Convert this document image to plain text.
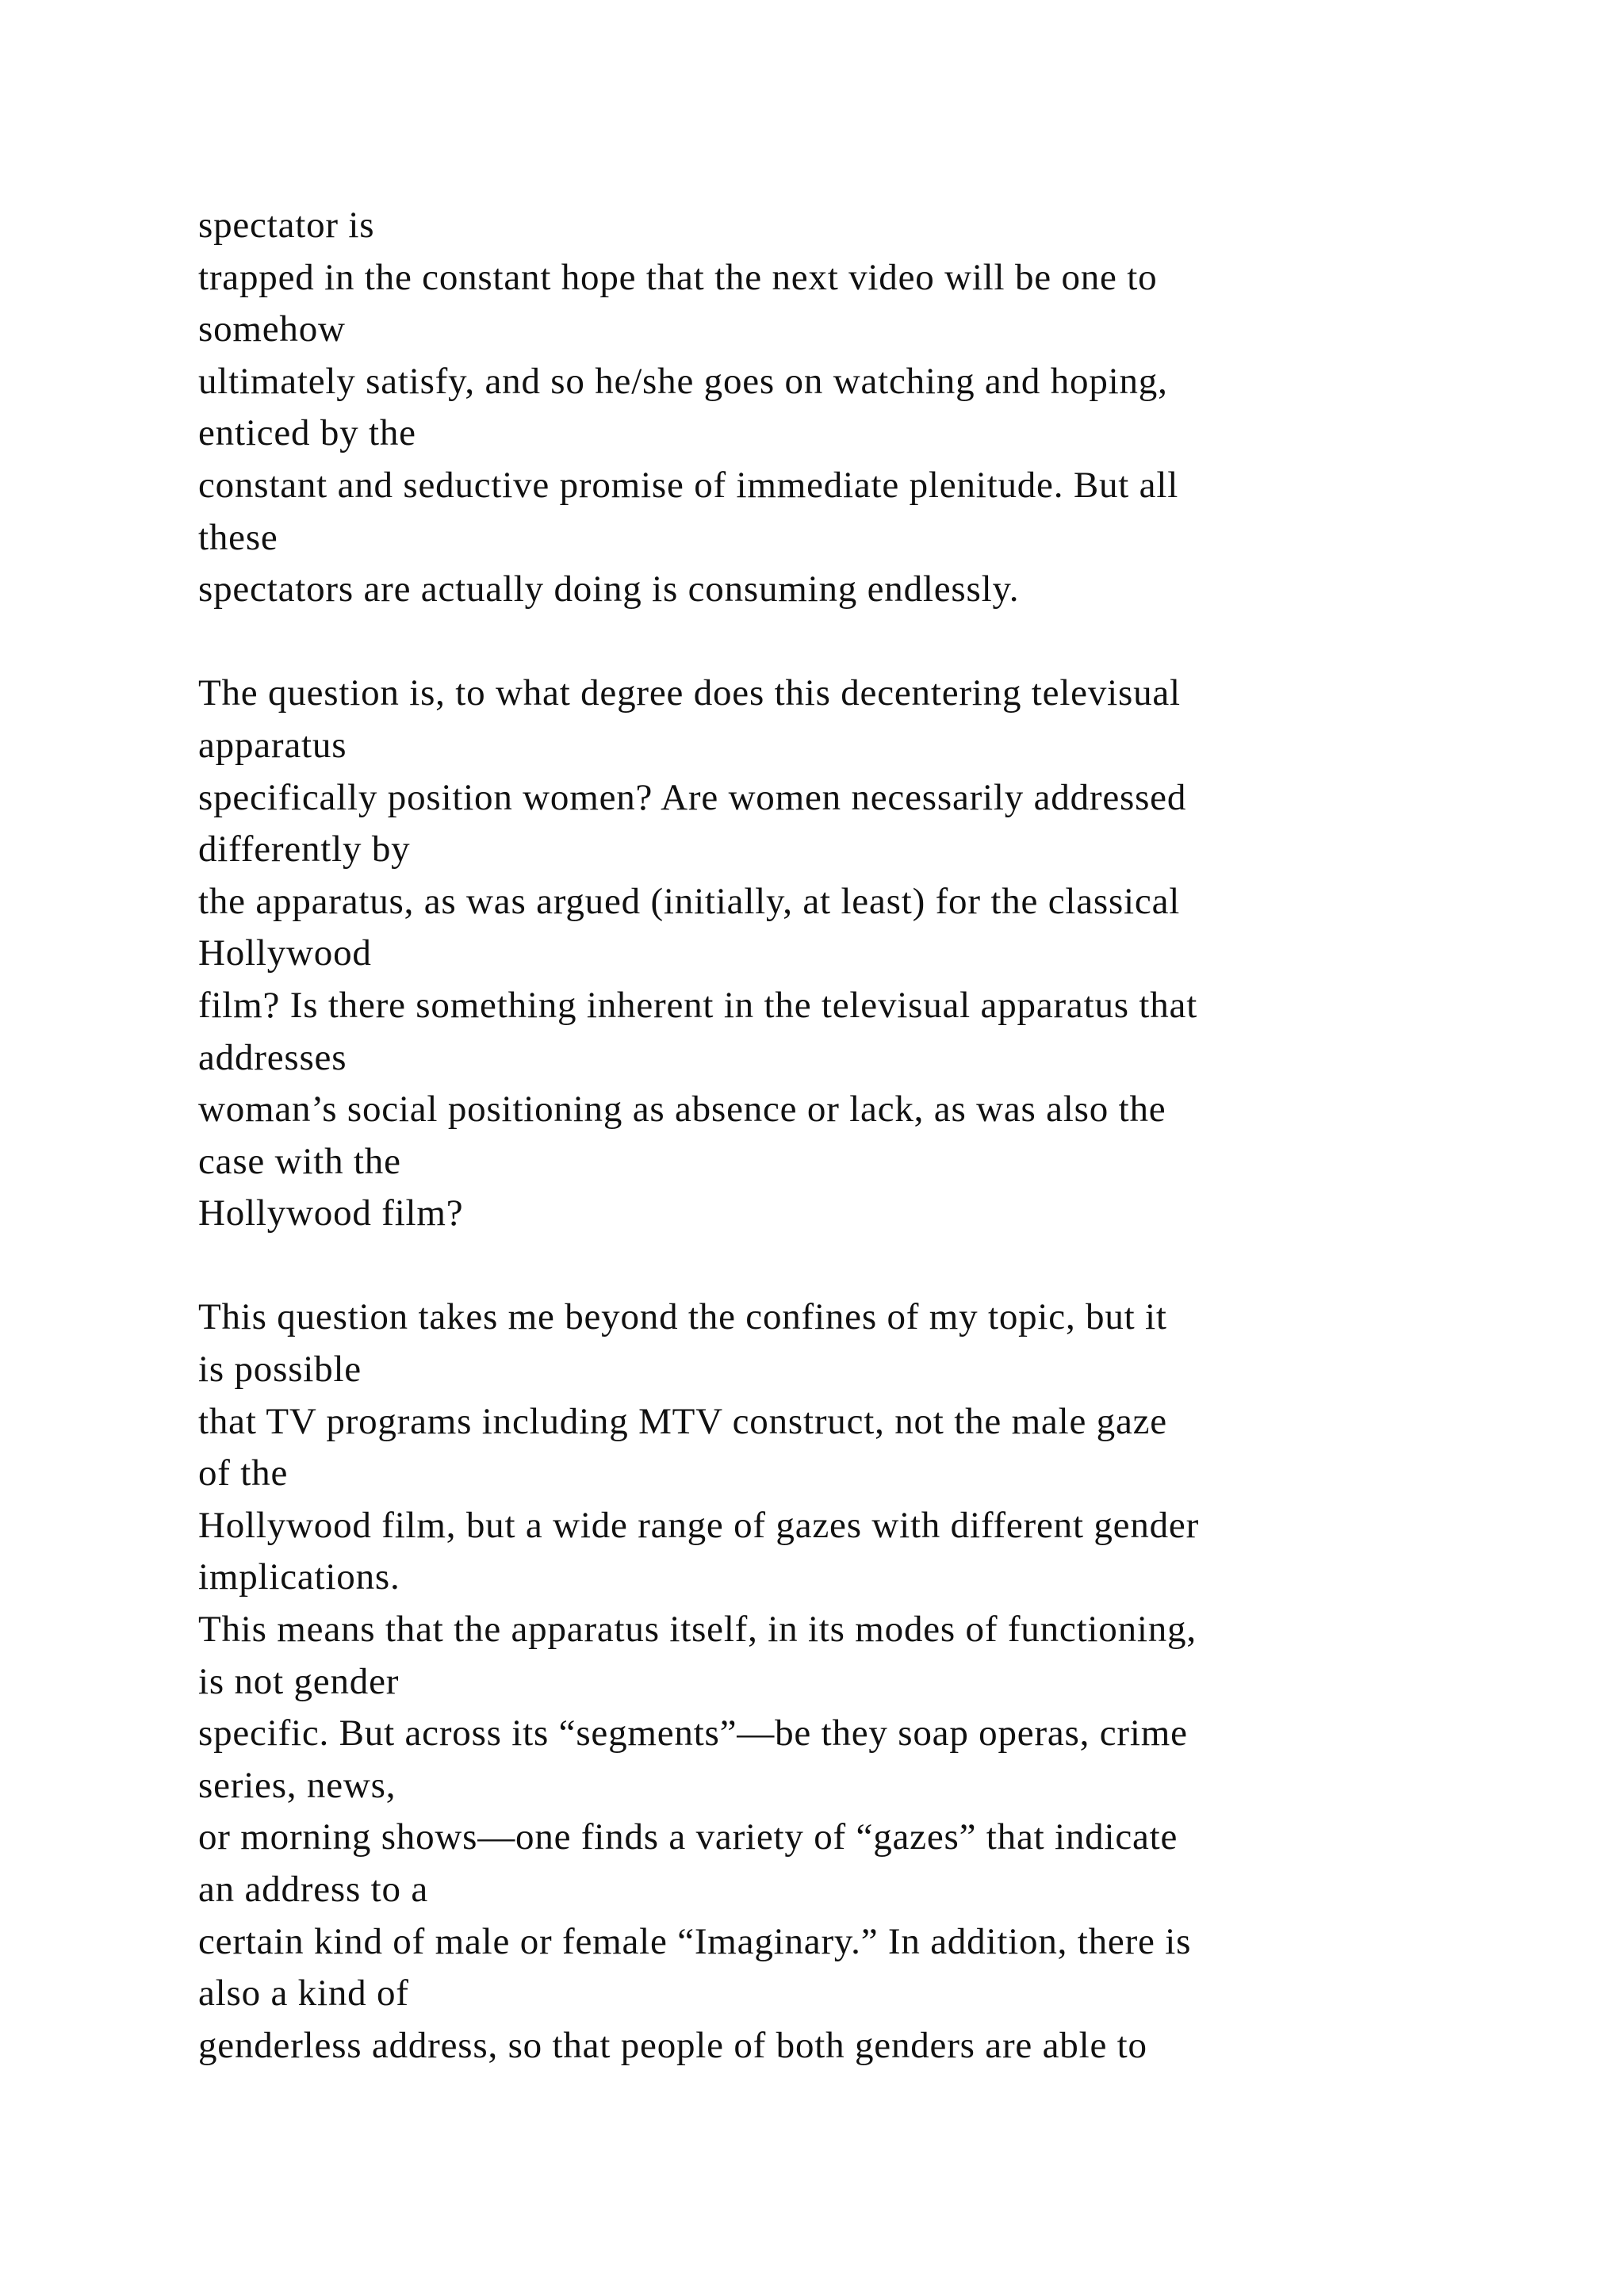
spectator is
trapped in the constant hope that the next video will be one to
somehow
ultimately satisfy, and so he/she goes on watching and hoping,
enticed by the
constant and seductive promise of immediate plenitude. But all
these
spectators are actually doing is consuming endlessly.
The question is, to what degree does this decentering televisual
apparatus
specifically position women? Are women necessarily addressed
differently by
the apparatus, as was argued (initially, at least) for the classical
Hollywood
film? Is there something inherent in the televisual apparatus that
addresses
woman’s social positioning as absence or lack, as was also the
case with the
Hollywood film?
This question takes me beyond the confines of my topic, but it
is possible
that TV programs including MTV construct, not the male gaze
of the
Hollywood film, but a wide range of gazes with different gender
implications.
This means that the apparatus itself, in its modes of functioning,
is not gender
specific. But across its “segments”—be they soap operas, crime
series, news,
or morning shows—one finds a variety of “gazes” that indicate
an address to a
certain kind of male or female “Imaginary.” In addition, there is
also a kind of
genderless address, so that people of both genders are able to
